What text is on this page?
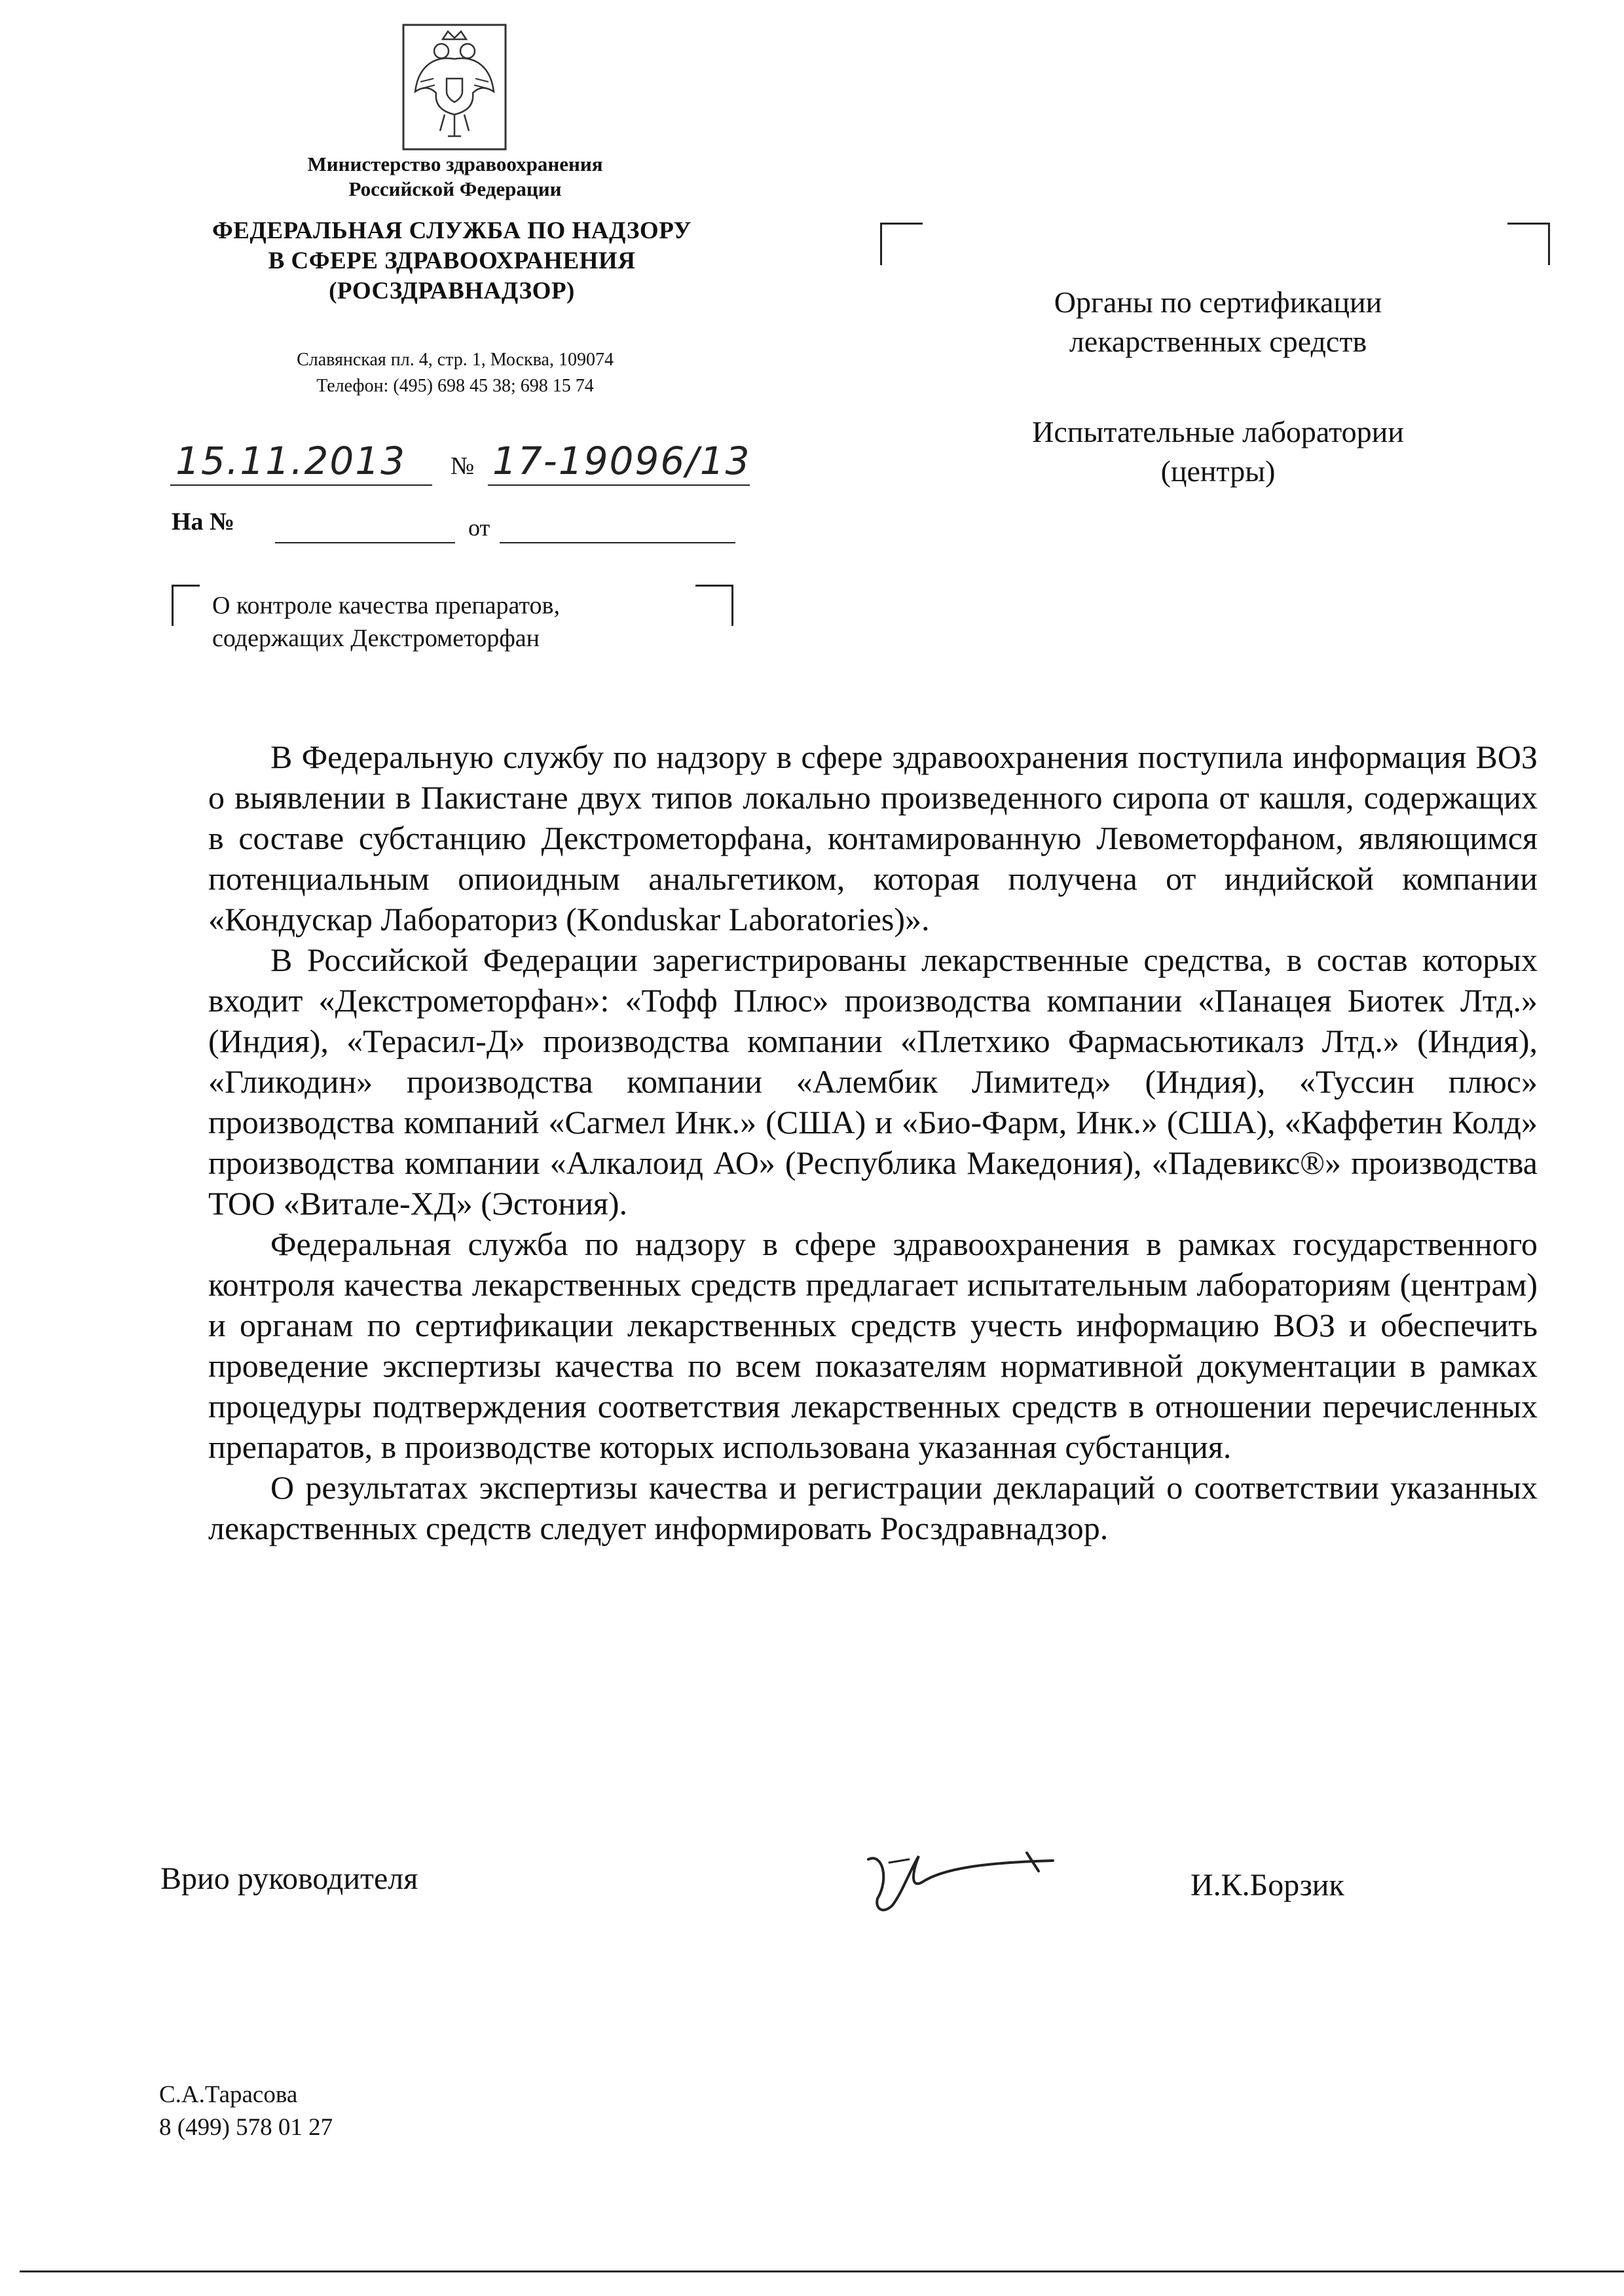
Министерство здравоохранения
Российской Федерации
ФЕДЕРАЛЬНАЯ СЛУЖБА ПО НАДЗОРУ
В СФЕРЕ ЗДРАВООХРАНЕНИЯ
(РОСЗДРАВНАДЗОР)
Славянская пл. 4, стр. 1, Москва, 109074
Телефон: (495) 698 45 38; 698 15 74
15.11.2013	№ 17-19096/13
На №	от
О контроле качества препаратов,
содержащих Декстрометорфан
Органы по сертификации
лекарственных средств
Испытательные лаборатории
(центры)

В Федеральную службу по надзору в сфере здравоохранения поступила информация ВОЗ о выявлении в Пакистане двух типов локально произведенного сиропа от кашля, содержащих в составе субстанцию Декстрометорфана, контамированную Левометорфаном, являющимся потенциальным опиоидным анальгетиком, которая получена от индийской компании «Кондускар Лабораториз (Konduskar Laboratories)».

В Российской Федерации зарегистрированы лекарственные средства, в состав которых входит «Декстрометорфан»: «Тофф Плюс» производства компании «Панацея Биотек Лтд.» (Индия), «Терасил-Д» производства компании «Плетхико Фармасьютикалз Лтд.» (Индия), «Гликодин» производства компании «Алембик Лимитед» (Индия), «Туссин плюс» производства компаний «Сагмел Инк.» (США) и «Био-Фарм, Инк.» (США), «Каффетин Колд» производства компании «Алкалоид АО» (Республика Македония), «Падевикс®» производства ТОО «Витале-ХД» (Эстония).

Федеральная служба по надзору в сфере здравоохранения в рамках государственного контроля качества лекарственных средств предлагает испытательным лабораториям (центрам) и органам по сертификации лекарственных средств учесть информацию ВОЗ и обеспечить проведение экспертизы качества по всем показателям нормативной документации в рамках процедуры подтверждения соответствия лекарственных средств в отношении перечисленных препаратов, в производстве которых использована указанная субстанция.

О результатах экспертизы качества и регистрации деклараций о соответствии указанных лекарственных средств следует информировать Росздравнадзор.

Врио руководителя	И.К.Борзик
С.А.Тарасова
8 (499) 578 01 27
